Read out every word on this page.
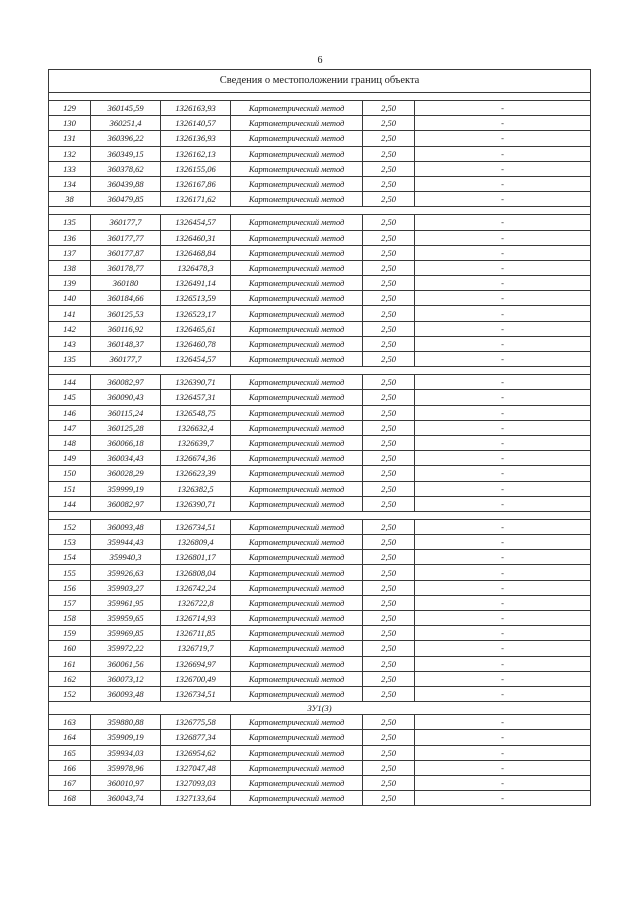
6
Сведения о местоположении границ объекта					

129	360145,59	1326163,93	Картометрический метод	2,50	-
130	360251,4	1326140,57	Картометрический метод	2,50	-
131	360396,22	1326136,93	Картометрический метод	2,50	-
132	360349,15	1326162,13	Картометрический метод	2,50	-
133	360378,62	1326155,06	Картометрический метод	2,50	-
134	360439,88	1326167,86	Картометрический метод	2,50	-
38	360479,85	1326171,62	Картометрический метод	2,50	-

135	360177,7	1326454,57	Картометрический метод	2,50	-
136	360177,77	1326460,31	Картометрический метод	2,50	-
137	360177,87	1326468,84	Картометрический метод	2,50	-
138	360178,77	1326478,3	Картометрический метод	2,50	-
139	360180	1326491,14	Картометрический метод	2,50	-
140	360184,66	1326513,59	Картометрический метод	2,50	-
141	360125,53	1326523,17	Картометрический метод	2,50	-
142	360116,92	1326465,61	Картометрический метод	2,50	-
143	360148,37	1326460,78	Картометрический метод	2,50	-
135	360177,7	1326454,57	Картометрический метод	2,50	-

144	360082,97	1326390,71	Картометрический метод	2,50	-
145	360090,43	1326457,31	Картометрический метод	2,50	-
146	360115,24	1326548,75	Картометрический метод	2,50	-
147	360125,28	1326632,4	Картометрический метод	2,50	-
148	360066,18	1326639,7	Картометрический метод	2,50	-
149	360034,43	1326674,36	Картометрический метод	2,50	-
150	360028,29	1326623,39	Картометрический метод	2,50	-
151	359999,19	1326382,5	Картометрический метод	2,50	-
144	360082,97	1326390,71	Картометрический метод	2,50	-

152	360093,48	1326734,51	Картометрический метод	2,50	-
153	359944,43	1326809,4	Картометрический метод	2,50	-
154	359940,3	1326801,17	Картометрический метод	2,50	-
155	359926,63	1326808,04	Картометрический метод	2,50	-
156	359903,27	1326742,24	Картометрический метод	2,50	-
157	359961,95	1326722,8	Картометрический метод	2,50	-
158	359959,65	1326714,93	Картометрический метод	2,50	-
159	359969,85	1326711,85	Картометрический метод	2,50	-
160	359972,22	1326719,7	Картометрический метод	2,50	-
161	360061,56	1326694,97	Картометрический метод	2,50	-
162	360073,12	1326700,49	Картометрический метод	2,50	-
152	360093,48	1326734,51	Картометрический метод	2,50	-
ЗУ1(3)					
163	359880,88	1326775,58	Картометрический метод	2,50	-
164	359909,19	1326877,34	Картометрический метод	2,50	-
165	359934,03	1326954,62	Картометрический метод	2,50	-
166	359978,96	1327047,48	Картометрический метод	2,50	-
167	360010,97	1327093,03	Картометрический метод	2,50	-
168	360043,74	1327133,64	Картометрический метод	2,50	-
